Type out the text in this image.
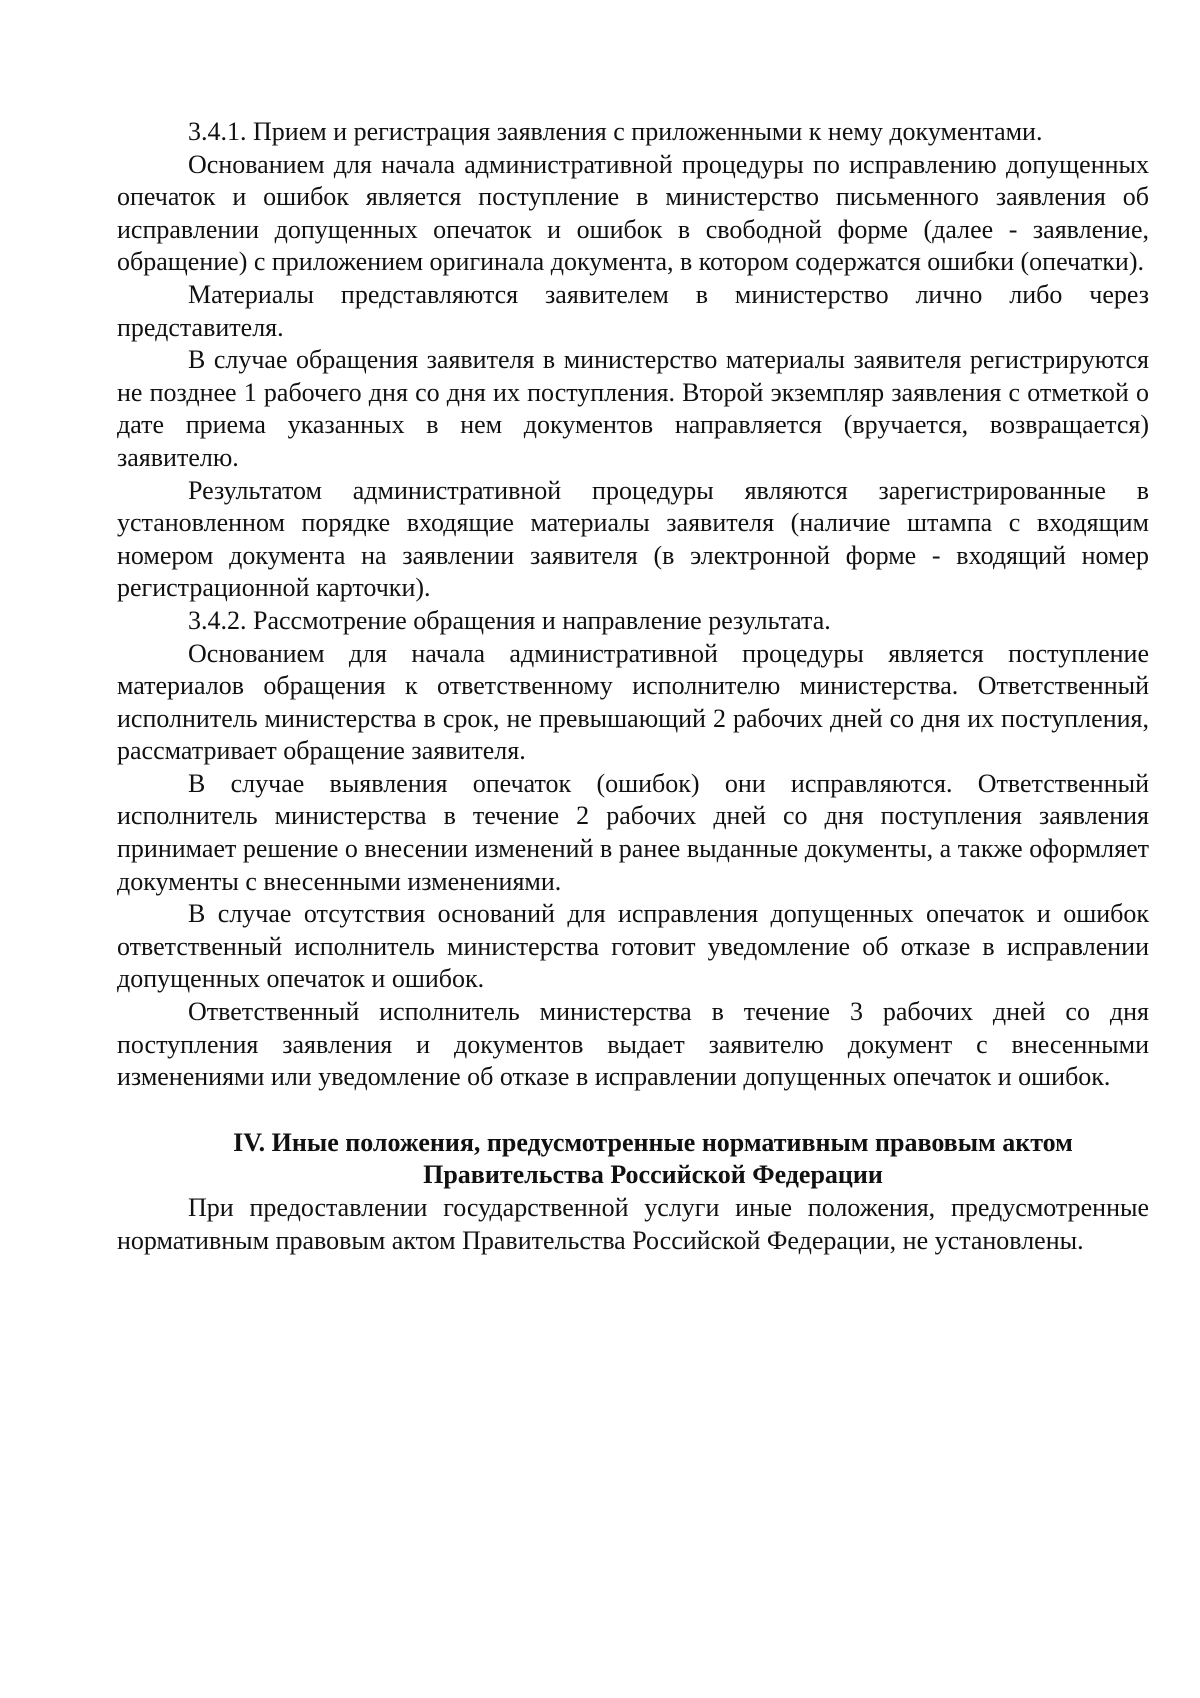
3.4.1. Прием и регистрация заявления с приложенными к нему документами.

Основанием для начала административной процедуры по исправлению допущенных опечаток и ошибок является поступление в министерство письменного заявления об исправлении допущенных опечаток и ошибок в свободной форме (далее - заявление, обращение) с приложением оригинала документа, в котором содержатся ошибки (опечатки).

Материалы представляются заявителем в министерство лично либо через представителя.

В случае обращения заявителя в министерство материалы заявителя регистрируются не позднее 1 рабочего дня со дня их поступления. Второй экземпляр заявления с отметкой о дате приема указанных в нем документов направляется (вручается, возвращается) заявителю.

Результатом административной процедуры являются зарегистрированные в установленном порядке входящие материалы заявителя (наличие штампа с входящим номером документа на заявлении заявителя (в электронной форме - входящий номер регистрационной карточки).

3.4.2. Рассмотрение обращения и направление результата.

Основанием для начала административной процедуры является поступление материалов обращения к ответственному исполнителю министерства. Ответственный исполнитель министерства в срок, не превышающий 2 рабочих дней со дня их поступления, рассматривает обращение заявителя.

В случае выявления опечаток (ошибок) они исправляются. Ответственный исполнитель министерства в течение 2 рабочих дней со дня поступления заявления принимает решение о внесении изменений в ранее выданные документы, а также оформляет документы с внесенными изменениями.

В случае отсутствия оснований для исправления допущенных опечаток и ошибок ответственный исполнитель министерства готовит уведомление об отказе в исправлении допущенных опечаток и ошибок.

Ответственный исполнитель министерства в течение 3 рабочих дней со дня поступления заявления и документов выдает заявителю документ с внесенными изменениями или уведомление об отказе в исправлении допущенных опечаток и ошибок.

IV. Иные положения, предусмотренные нормативным правовым актом Правительства Российской Федерации

При предоставлении государственной услуги иные положения, предусмотренные нормативным правовым актом Правительства Российской Федерации, не установлены.
